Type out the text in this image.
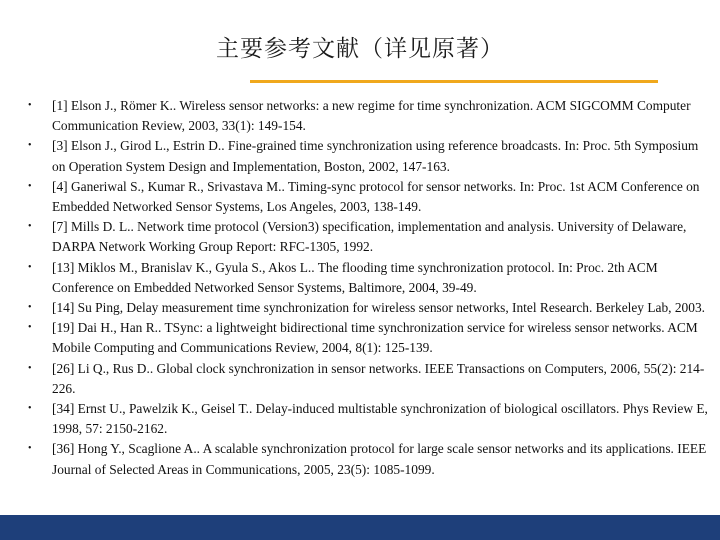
主要参考文献（详见原著）
• [1] Elson J., Römer K.. Wireless sensor networks: a new regime for time synchronization. ACM SIGCOMM Computer Communication Review, 2003, 33(1): 149-154.
• [3] Elson J., Girod L., Estrin D.. Fine-grained time synchronization using reference broadcasts. In: Proc. 5th Symposium on Operation System Design and Implementation, Boston, 2002, 147-163.
• [4] Ganeriwal S., Kumar R., Srivastava M.. Timing-sync protocol for sensor networks. In: Proc. 1st ACM Conference on Embedded Networked Sensor Systems, Los Angeles, 2003, 138-149.
• [7] Mills D. L.. Network time protocol (Version3) specification, implementation and analysis. University of Delaware, DARPA Network Working Group Report: RFC-1305, 1992.
• [13] Miklos M., Branislav K., Gyula S., Akos L.. The flooding time synchronization protocol. In: Proc. 2th ACM Conference on Embedded Networked Sensor Systems, Baltimore, 2004, 39-49.
• [14] Su Ping, Delay measurement time synchronization for wireless sensor networks, Intel Research. Berkeley Lab, 2003.
• [19] Dai H., Han R.. TSync: a lightweight bidirectional time synchronization service for wireless sensor networks. ACM Mobile Computing and Communications Review, 2004, 8(1): 125-139.
• [26] Li Q., Rus D.. Global clock synchronization in sensor networks. IEEE Transactions on Computers, 2006, 55(2): 214-226.
• [34] Ernst U., Pawelzik K., Geisel T.. Delay-induced multistable synchronization of biological oscillators. Phys Review E, 1998, 57: 2150-2162.
• [36] Hong Y., Scaglione A.. A scalable synchronization protocol for large scale sensor networks and its applications. IEEE Journal of Selected Areas in Communications, 2005, 23(5): 1085-1099.
